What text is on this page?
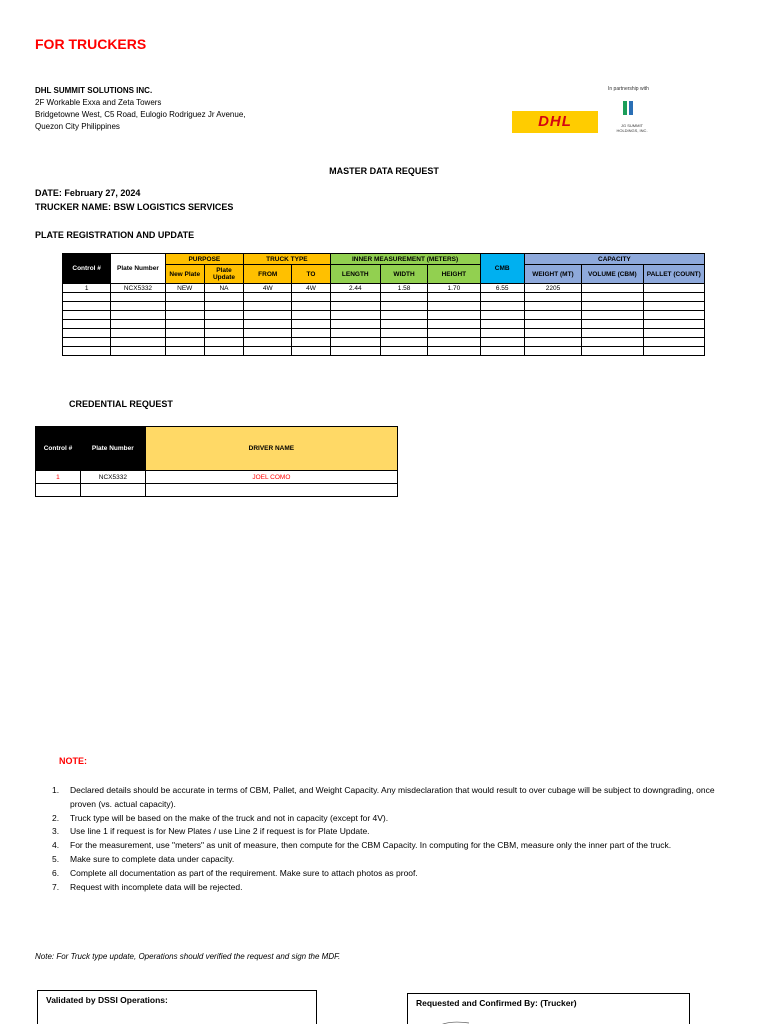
FOR TRUCKERS
DHL SUMMIT SOLUTIONS INC.
2F Workable Exxa and Zeta Towers
Bridgetowne West, C5 Road, Eulogio Rodriguez Jr Avenue,
Quezon City Philippines
In partnership with
DHL	JG SUMMIT
HOLDINGS, INC.
MASTER DATA REQUEST
DATE: February 27, 2024
TRUCKER NAME: BSW LOGISTICS SERVICES
PLATE REGISTRATION AND UPDATE
Control #	Plate Number	PURPOSE		TRUCK TYPE		INNER MEASUREMENT (METERS)			CMB	CAPACITY		
		New Plate	Plate Update	FROM	TO	LENGTH	WIDTH	HEIGHT		WEIGHT (MT)	VOLUME (CBM)	PALLET (COUNT)
1	NCX5332	NEW	NA	4W	4W	2.44	1.58	1.70	6.55	2205		

CREDENTIAL REQUEST
Control #	Plate Number	DRIVER NAME
1	NCX5332	JOEL COMO

NOTE:
1.	Declared details should be accurate in terms of CBM, Pallet, and Weight Capacity. Any misdeclaration that would result to over cubage will be subject to downgrading, once proven (vs. actual capacity).
2.	Truck type will be based on the make of the truck and not in capacity (except for 4V).
3.	Use line 1 if request is for New Plates / use Line 2 if request is for Plate Update.
4.	For the measurement, use "meters" as unit of measure, then compute for the CBM Capacity. In computing for the CBM, measure only the inner part of the truck.
5.	Make sure to complete data under capacity.
6.	Complete all documentation as part of the requirement. Make sure to attach photos as proof.
7.	Request with incomplete data will be rejected.
Note: For Truck type update, Operations should verified the request and sign the MDF.
Validated by DSSI Operations:	Requested and Confirmed By: (Trucker)
